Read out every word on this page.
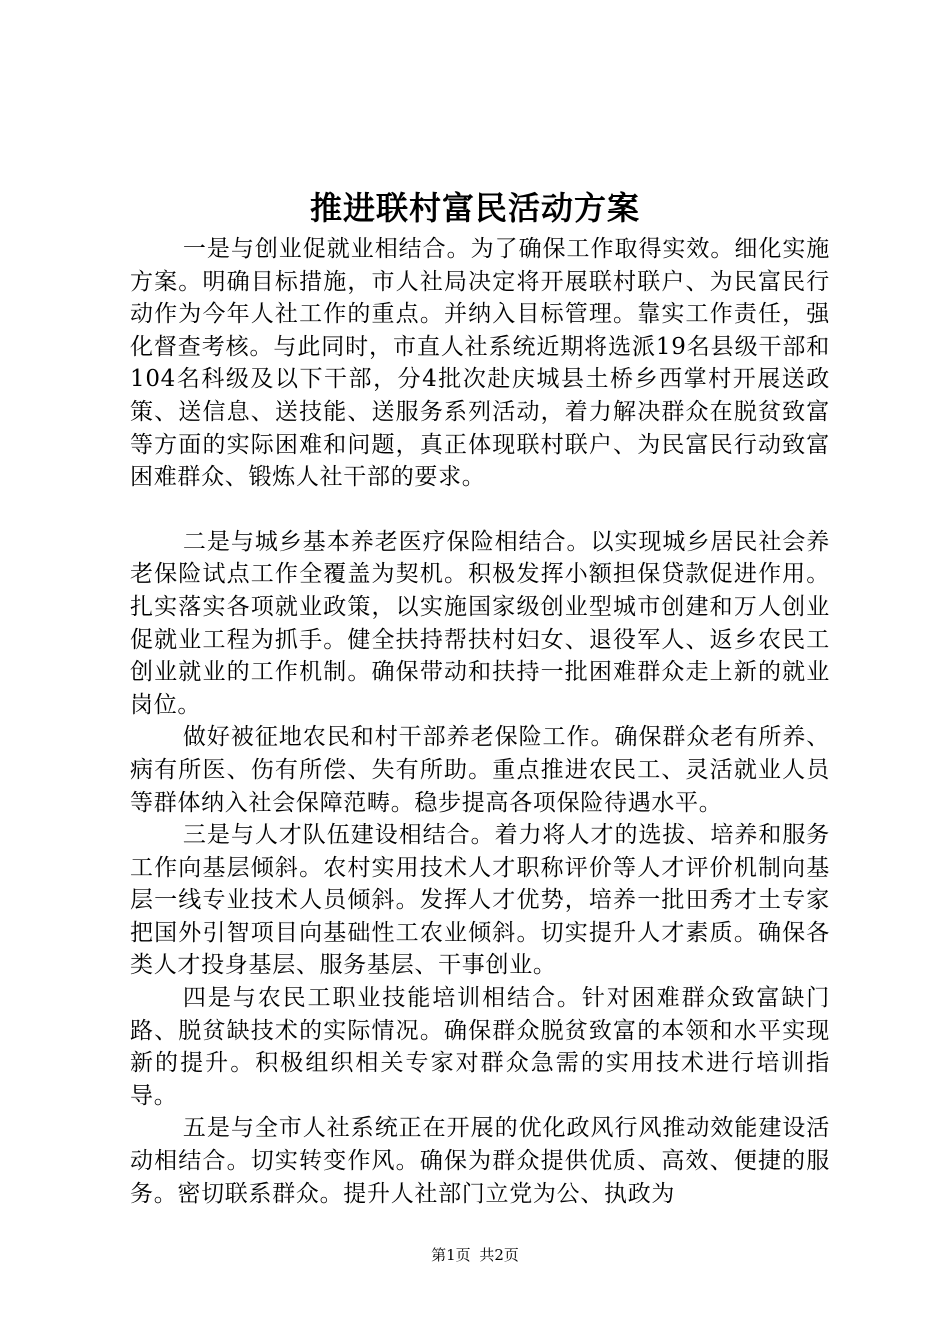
推进联村富民活动方案

一是与创业促就业相结合。为了确保工作取得实效。细化实施方案。明确目标措施，市人社局决定将开展联村联户、为民富民行动作为今年人社工作的重点。并纳入目标管理。靠实工作责任，强化督查考核。与此同时，市直人社系统近期将选派19名县级干部和104名科级及以下干部，分4批次赴庆城县土桥乡西掌村开展送政策、送信息、送技能、送服务系列活动，着力解决群众在脱贫致富等方面的实际困难和问题，真正体现联村联户、为民富民行动致富困难群众、锻炼人社干部的要求。

二是与城乡基本养老医疗保险相结合。以实现城乡居民社会养老保险试点工作全覆盖为契机。积极发挥小额担保贷款促进作用。扎实落实各项就业政策，以实施国家级创业型城市创建和万人创业促就业工程为抓手。健全扶持帮扶村妇女、退役军人、返乡农民工创业就业的工作机制。确保带动和扶持一批困难群众走上新的就业岗位。

做好被征地农民和村干部养老保险工作。确保群众老有所养、病有所医、伤有所偿、失有所助。重点推进农民工、灵活就业人员等群体纳入社会保障范畴。稳步提高各项保险待遇水平。

三是与人才队伍建设相结合。着力将人才的选拔、培养和服务工作向基层倾斜。农村实用技术人才职称评价等人才评价机制向基层一线专业技术人员倾斜。发挥人才优势，培养一批田秀才土专家把国外引智项目向基础性工农业倾斜。切实提升人才素质。确保各类人才投身基层、服务基层、干事创业。

四是与农民工职业技能培训相结合。针对困难群众致富缺门路、脱贫缺技术的实际情况。确保群众脱贫致富的本领和水平实现新的提升。积极组织相关专家对群众急需的实用技术进行培训指导。

五是与全市人社系统正在开展的优化政风行风推动效能建设活动相结合。切实转变作风。确保为群众提供优质、高效、便捷的服务。密切联系群众。提升人社部门立党为公、执政为

第1页 共2页
